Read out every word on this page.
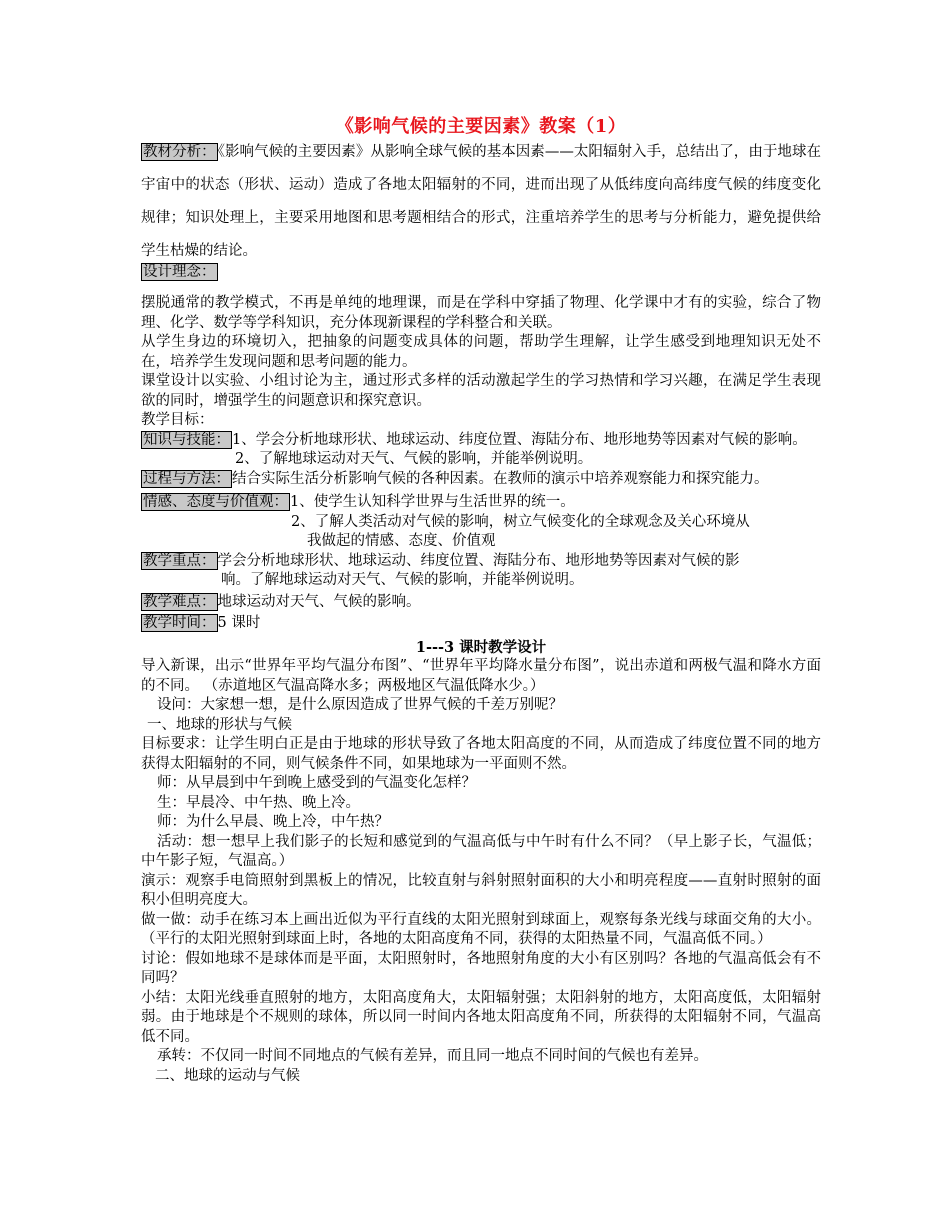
《影响气候的主要因素》教案（1）
教材分析： 《影响气候的主要因素》从影响全球气候的基本因素——太阳辐射入手，总结出了，由于地球在宇宙中的状态（形状、运动）造成了各地太阳辐射的不同，进而出现了从低纬度向高纬度气候的纬度变化规律；知识处理上，主要采用地图和思考题相结合的形式，注重培养学生的思考与分析能力，避免提供给学生枯燥的结论。
设计理念：

摆脱通常的教学模式，不再是单纯的地理课，而是在学科中穿插了物理、化学课中才有的实验，综合了物理、化学、数学等学科知识，充分体现新课程的学科整合和关联。

从学生身边的环境切入，把抽象的问题变成具体的问题，帮助学生理解，让学生感受到地理知识无处不在，培养学生发现问题和思考问题的能力。

课堂设计以实验、小组讨论为主，通过形式多样的活动激起学生的学习热情和学习兴趣，在满足学生表现欲的同时，增强学生的问题意识和探究意识。

教学目标：

知识与技能： 1、学会分析地球形状、地球运动、纬度位置、海陆分布、地形地势等因素对气候的影响。

2、了解地球运动对天气、气候的影响，并能举例说明。

过程与方法： 结合实际生活分析影响气候的各种因素。在教师的演示中培养观察能力和探究能力。

情感、态度与价值观： 1、使学生认知科学世界与生活世界的统一。

2、了解人类活动对气候的影响，树立气候变化的全球观念及关心环境从

我做起的情感、态度、价值观

教学重点： 学会分析地球形状、地球运动、纬度位置、海陆分布、地形地势等因素对气候的影
响。了解地球运动对天气、气候的影响，并能举例说明。

教学难点： 地球运动对天气、气候的影响。

教学时间： 5 课时

1---3 课时教学设计

导入新课，出示“世界年平均气温分布图”、“世界年平均降水量分布图”，说出赤道和两极气温和降水方面的不同。 （赤道地区气温高降水多；两极地区气温低降水少。）

设问：大家想一想，是什么原因造成了世界气候的千差万别呢？

一、地球的形状与气候

目标要求：让学生明白正是由于地球的形状导致了各地太阳高度的不同，从而造成了纬度位置不同的地方获得太阳辐射的不同，则气候条件不同，如果地球为一平面则不然。

师：从早晨到中午到晚上感受到的气温变化怎样？

生：早晨冷、中午热、晚上冷。

师：为什么早晨、晚上冷，中午热？

活动：想一想早上我们影子的长短和感觉到的气温高低与中午时有什么不同？（早上影子长，气温低；中午影子短，气温高。）

演示：观察手电筒照射到黑板上的情况，比较直射与斜射照射面积的大小和明亮程度——直射时照射的面积小但明亮度大。

做一做：动手在练习本上画出近似为平行直线的太阳光照射到球面上，观察每条光线与球面交角的大小。（平行的太阳光照射到球面上时，各地的太阳高度角不同，获得的太阳热量不同，气温高低不同。）

讨论：假如地球不是球体而是平面，太阳照射时，各地照射角度的大小有区别吗？各地的气温高低会有不同吗？

小结：太阳光线垂直照射的地方，太阳高度角大，太阳辐射强；太阳斜射的地方，太阳高度低，太阳辐射弱。由于地球是个不规则的球体，所以同一时间内各地太阳高度角不同，所获得的太阳辐射不同，气温高低不同。

承转：不仅同一时间不同地点的气候有差异，而且同一地点不同时间的气候也有差异。

二、地球的运动与气候
